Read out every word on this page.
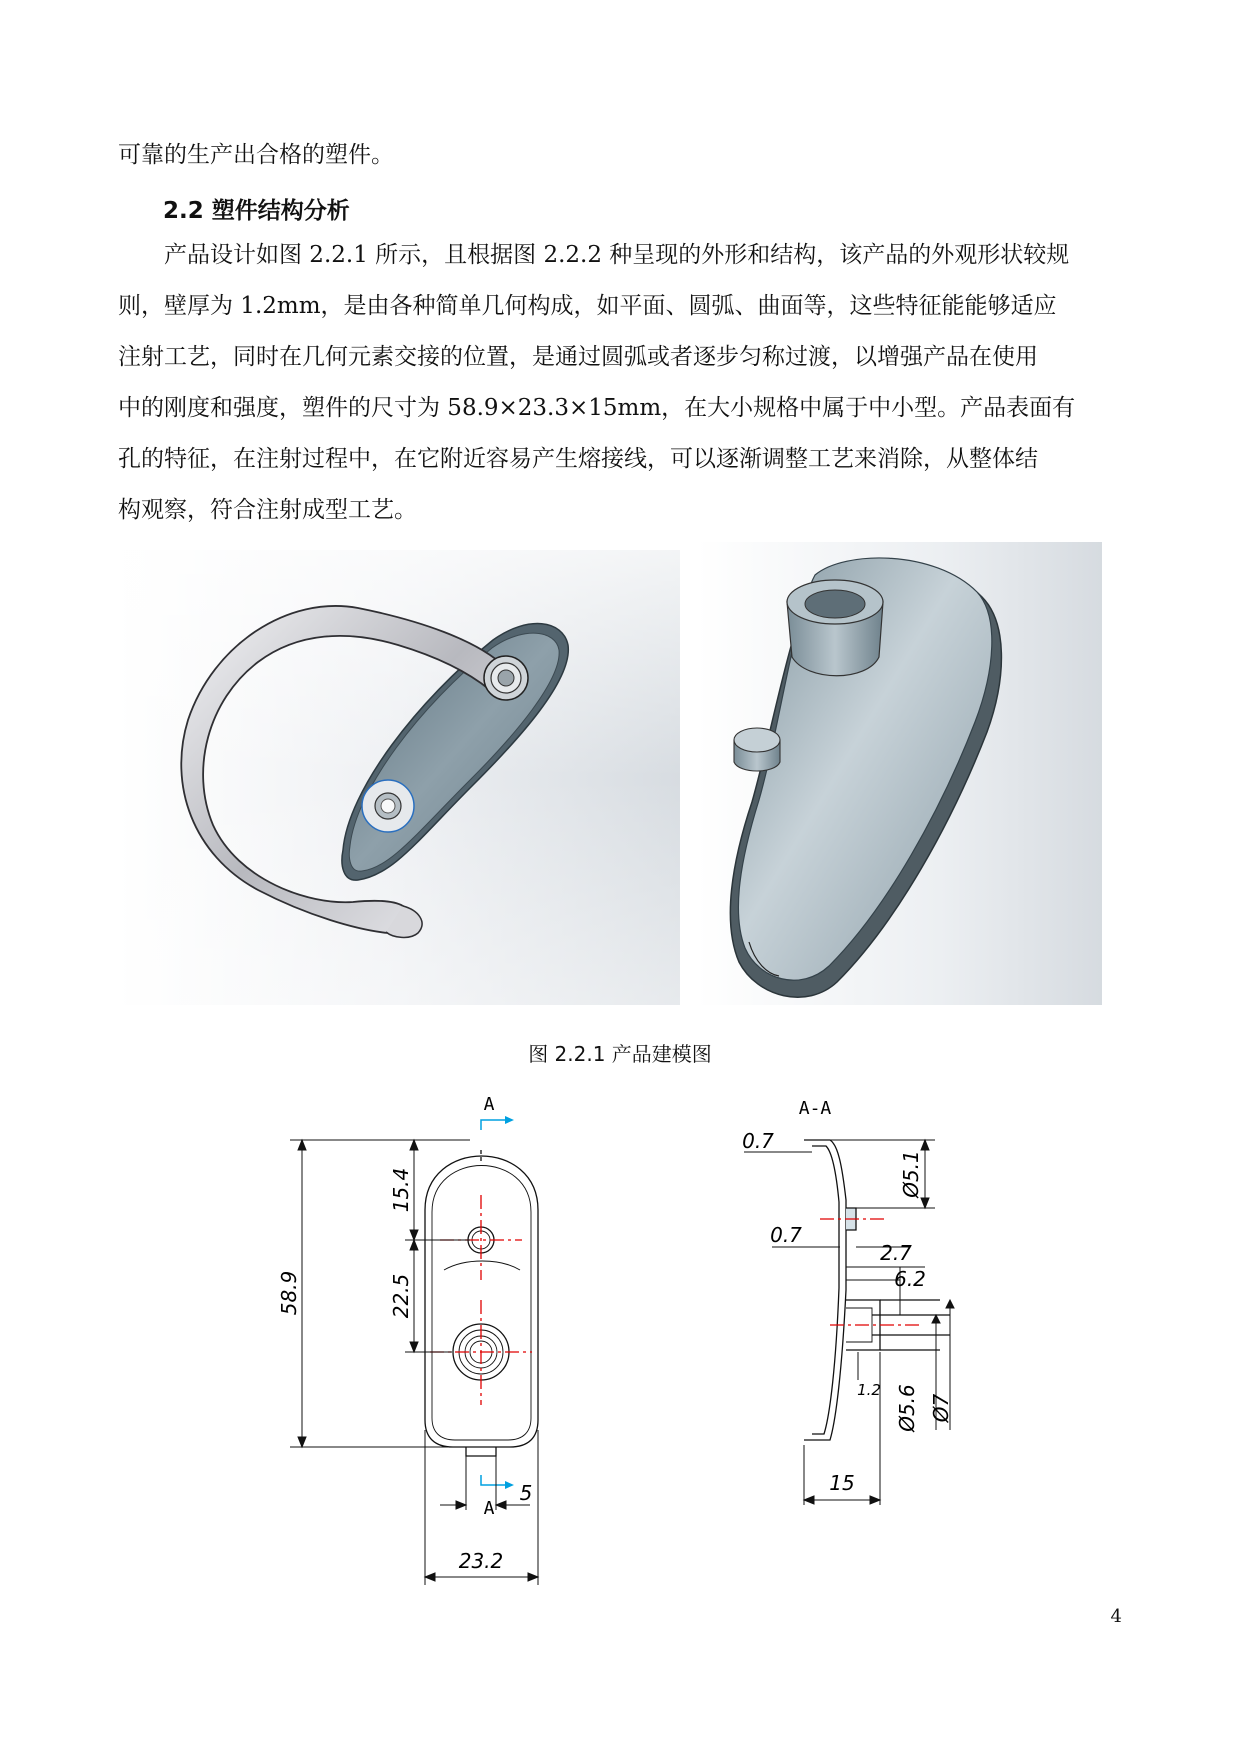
可靠的生产出合格的塑件。
2.2 塑件结构分析
　　产品设计如图 2.2.1 所示，且根据图 2.2.2 种呈现的外形和结构，该产品的外观形状较规
则，壁厚为 1.2mm，是由各种简单几何构成，如平面、圆弧、曲面等，这些特征能能够适应
注射工艺，同时在几何元素交接的位置，是通过圆弧或者逐步匀称过渡，以增强产品在使用
中的刚度和强度，塑件的尺寸为 58.9×23.3×15mm，在大小规格中属于中小型。产品表面有
孔的特征，在注射过程中，在它附近容易产生熔接线，可以逐渐调整工艺来消除，从整体结
构观察，符合注射成型工艺。
图 2.2.1 产品建模图
A
A
58.9
15.4
22.5
5
23.2
A-A
0.7
0.7
Ø5.1
2.7
6.2
1.2 Ø5.6 Ø7
15
4
